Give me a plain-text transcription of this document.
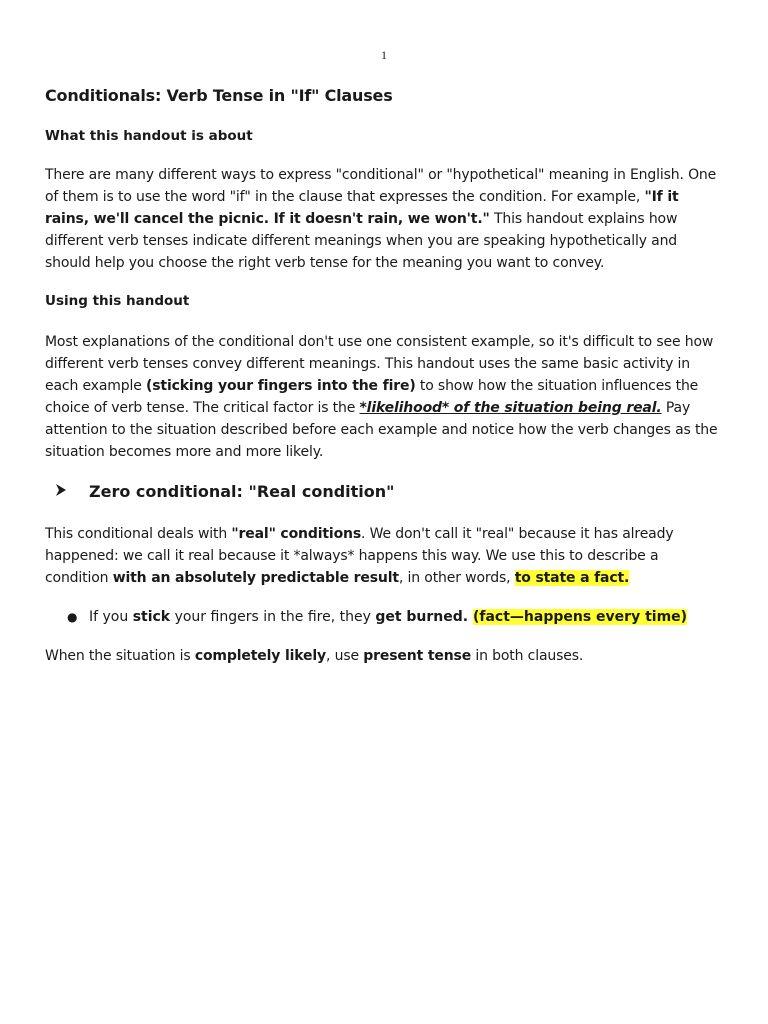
1
Conditionals: Verb Tense in "If" Clauses
What this handout is about

There are many different ways to express "conditional" or "hypothetical" meaning in English. One of them is to use the word "if" in the clause that expresses the condition. For example, "If it rains, we'll cancel the picnic. If it doesn't rain, we won't." This handout explains how different verb tenses indicate different meanings when you are speaking hypothetically and should help you choose the right verb tense for the meaning you want to convey.

Using this handout

Most explanations of the conditional don't use one consistent example, so it's difficult to see how different verb tenses convey different meanings. This handout uses the same basic activity in each example (sticking your fingers into the fire) to show how the situation influences the choice of verb tense. The critical factor is the *likelihood* of the situation being real. Pay attention to the situation described before each example and notice how the verb changes as the situation becomes more and more likely.

Zero conditional: "Real condition"

This conditional deals with "real" conditions. We don't call it "real" because it has already happened: we call it real because it *always* happens this way. We use this to describe a condition with an absolutely predictable result, in other words, to state a fact.

● If you stick your fingers in the fire, they get burned. (fact—happens every time)

When the situation is completely likely, use present tense in both clauses.
